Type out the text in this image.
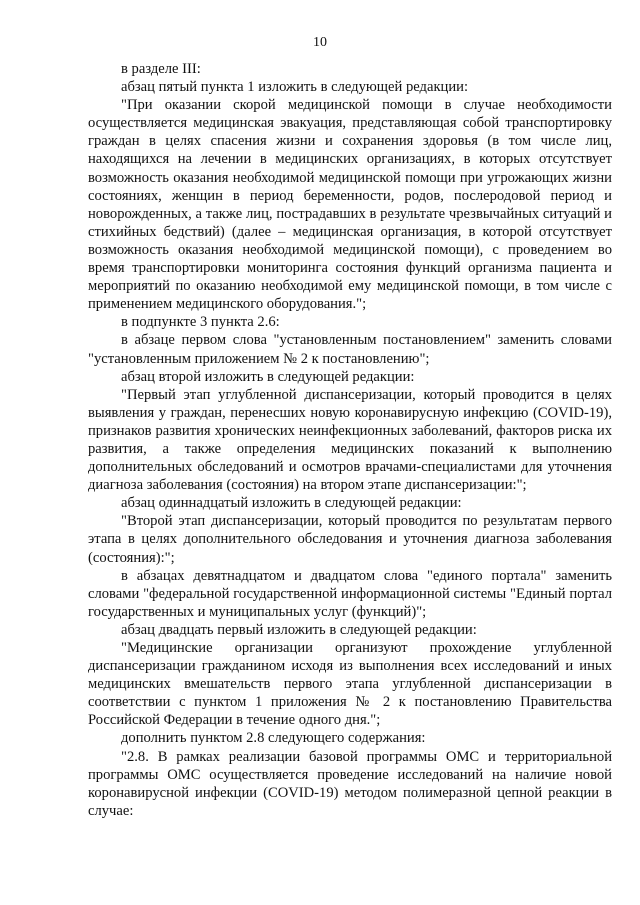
10

в разделе III:

абзац пятый пункта 1 изложить в следующей редакции:

"При оказании скорой медицинской помощи в случае необходимости осуществляется медицинская эвакуация, представляющая собой транспортировку граждан в целях спасения жизни и сохранения здоровья (в том числе лиц, находящихся на лечении в медицинских организациях, в которых отсутствует возможность оказания необходимой медицинской помощи при угрожающих жизни состояниях, женщин в период беременности, родов, послеродовой период и новорожденных, а также лиц, пострадавших в результате чрезвычайных ситуаций и стихийных бедствий) (далее – медицинская организация, в которой отсутствует возможность оказания необходимой медицинской помощи), с проведением во время транспортировки мониторинга состояния функций организма пациента и мероприятий по оказанию необходимой ему медицинской помощи, в том числе с применением медицинского оборудования.";

в подпункте 3 пункта 2.6:

в абзаце первом слова "установленным постановлением" заменить словами "установленным приложением № 2 к постановлению";

абзац второй изложить в следующей редакции:

"Первый этап углубленной диспансеризации, который проводится в целях выявления у граждан, перенесших новую коронавирусную инфекцию (COVID-19), признаков развития хронических неинфекционных заболеваний, факторов риска их развития, а также определения медицинских показаний к выполнению дополнительных обследований и осмотров врачами-специалистами для уточнения диагноза заболевания (состояния) на втором этапе диспансеризации:";

абзац одиннадцатый изложить в следующей редакции:

"Второй этап диспансеризации, который проводится по результатам первого этапа в целях дополнительного обследования и уточнения диагноза заболевания (состояния):";

в абзацах девятнадцатом и двадцатом слова "единого портала" заменить словами "федеральной государственной информационной системы "Единый портал государственных и муниципальных услуг (функций)";

абзац двадцать первый изложить в следующей редакции:

"Медицинские организации организуют прохождение углубленной диспансеризации гражданином исходя из выполнения всех исследований и иных медицинских вмешательств первого этапа углубленной диспансеризации в соответствии с пунктом 1 приложения № 2 к постановлению Правительства Российской Федерации в течение одного дня.";

дополнить пунктом 2.8 следующего содержания:

"2.8. В рамках реализации базовой программы ОМС и территориальной программы ОМС осуществляется проведение исследований на наличие новой коронавирусной инфекции (COVID-19) методом полимеразной цепной реакции в случае:
